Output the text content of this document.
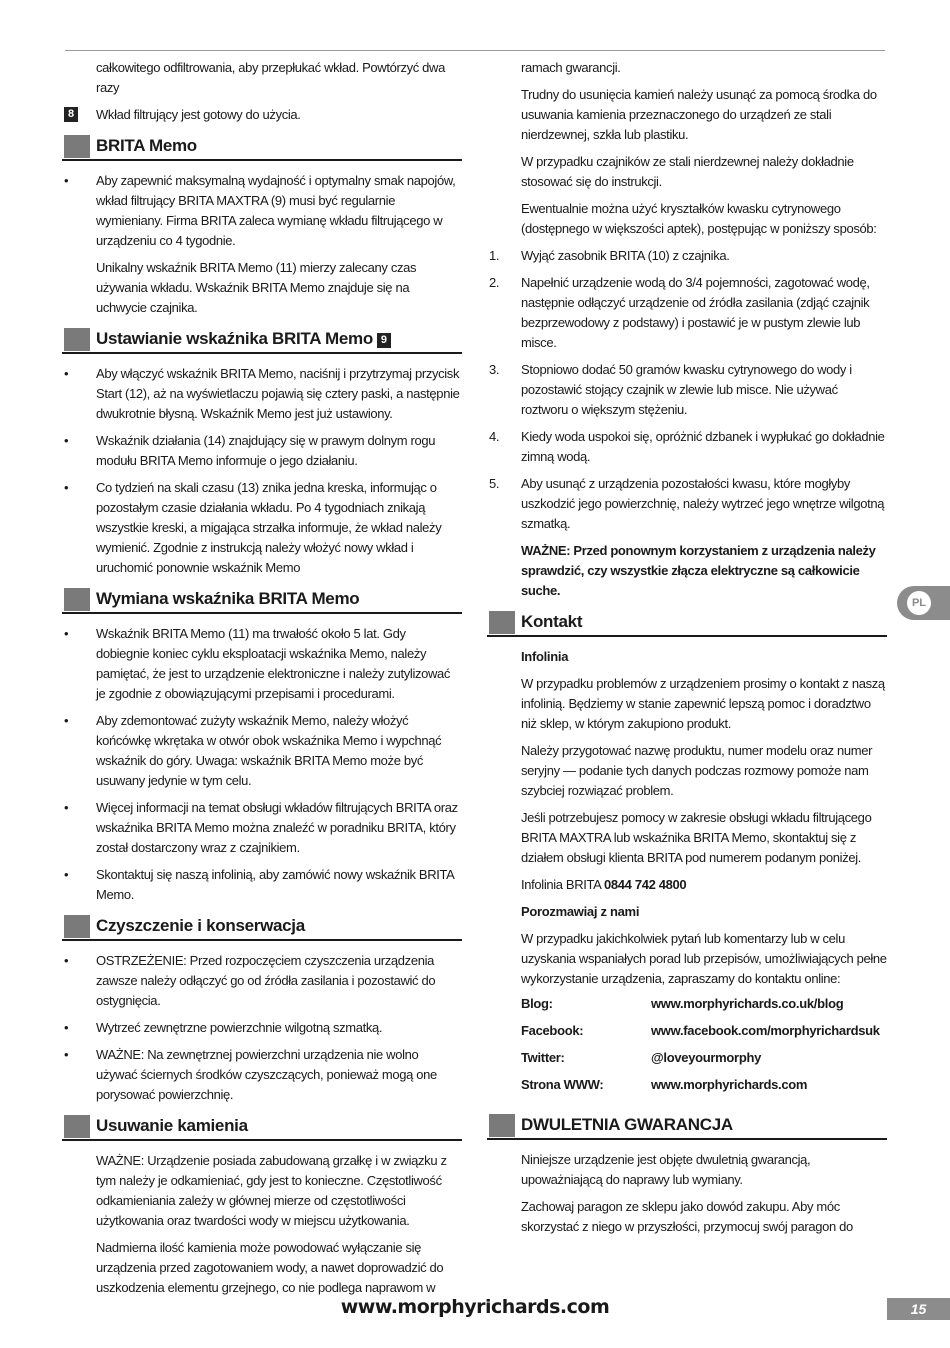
całkowitego odfiltrowania, aby przepłukać wkład. Powtórzyć dwa razy
8	Wkład filtrujący jest gotowy do użycia.
BRITA Memo
• Aby zapewnić maksymalną wydajność i optymalny smak napojów, wkład filtrujący BRITA MAXTRA (9) musi być regularnie wymieniany. Firma BRITA zaleca wymianę wkładu filtrującego w urządzeniu co 4 tygodnie.
Unikalny wskaźnik BRITA Memo (11) mierzy zalecany czas używania wkładu. Wskaźnik BRITA Memo znajduje się na uchwycie czajnika.
Ustawianie wskaźnika BRITA Memo 9
• Aby włączyć wskaźnik BRITA Memo, naciśnij i przytrzymaj przycisk Start (12), aż na wyświetlaczu pojawią się cztery paski, a następnie dwukrotnie błysną. Wskaźnik Memo jest już ustawiony.
• Wskaźnik działania (14) znajdujący się w prawym dolnym rogu modułu BRITA Memo informuje o jego działaniu.
• Co tydzień na skali czasu (13) znika jedna kreska, informując o pozostałym czasie działania wkładu. Po 4 tygodniach znikają wszystkie kreski, a migająca strzałka informuje, że wkład należy wymienić. Zgodnie z instrukcją należy włożyć nowy wkład i uruchomić ponownie wskaźnik Memo
Wymiana wskaźnika BRITA Memo
• Wskaźnik BRITA Memo (11) ma trwałość około 5 lat. Gdy dobiegnie koniec cyklu eksploatacji wskaźnika Memo, należy pamiętać, że jest to urządzenie elektroniczne i należy zutylizować je zgodnie z obowiązującymi przepisami i procedurami.
• Aby zdemontować zużyty wskaźnik Memo, należy włożyć końcówkę wkrętaka w otwór obok wskaźnika Memo i wypchnąć wskaźnik do góry. Uwaga: wskaźnik BRITA Memo może być usuwany jedynie w tym celu.
• Więcej informacji na temat obsługi wkładów filtrujących BRITA oraz wskaźnika BRITA Memo można znaleźć w poradniku BRITA, który został dostarczony wraz z czajnikiem.
• Skontaktuj się naszą infolinią, aby zamówić nowy wskaźnik BRITA Memo.
Czyszczenie i konserwacja
• OSTRZEŻENIE: Przed rozpoczęciem czyszczenia urządzenia zawsze należy odłączyć go od źródła zasilania i pozostawić do ostygnięcia.
• Wytrzeć zewnętrzne powierzchnie wilgotną szmatką.
• WAŻNE: Na zewnętrznej powierzchni urządzenia nie wolno używać ściernych środków czyszczących, ponieważ mogą one porysować powierzchnię.
Usuwanie kamienia
WAŻNE: Urządzenie posiada zabudowaną grzałkę i w związku z tym należy je odkamieniać, gdy jest to konieczne. Częstotliwość odkamieniania zależy w głównej mierze od częstotliwości użytkowania oraz twardości wody w miejscu użytkowania.
Nadmierna ilość kamienia może powodować wyłączanie się urządzenia przed zagotowaniem wody, a nawet doprowadzić do uszkodzenia elementu grzejnego, co nie podlega naprawom w
ramach gwarancji.
Trudny do usunięcia kamień należy usunąć za pomocą środka do usuwania kamienia przeznaczonego do urządzeń ze stali nierdzewnej, szkła lub plastiku.
W przypadku czajników ze stali nierdzewnej należy dokładnie stosować się do instrukcji.
Ewentualnie można użyć kryształków kwasku cytrynowego (dostępnego w większości aptek), postępując w poniższy sposób:
1. Wyjąć zasobnik BRITA (10) z czajnika.
2. Napełnić urządzenie wodą do 3/4 pojemności, zagotować wodę, następnie odłączyć urządzenie od źródła zasilania (zdjąć czajnik bezprzewodowy z podstawy) i postawić je w pustym zlewie lub misce.
3. Stopniowo dodać 50 gramów kwasku cytrynowego do wody i pozostawić stojący czajnik w zlewie lub misce. Nie używać roztworu o większym stężeniu.
4. Kiedy woda uspokoi się, opróżnić dzbanek i wypłukać go dokładnie zimną wodą.
5. Aby usunąć z urządzenia pozostałości kwasu, które mogłyby uszkodzić jego powierzchnię, należy wytrzeć jego wnętrze wilgotną szmatką.
WAŻNE: Przed ponownym korzystaniem z urządzenia należy sprawdzić, czy wszystkie złącza elektryczne są całkowicie suche.
Kontakt
Infolinia
W przypadku problemów z urządzeniem prosimy o kontakt z naszą infolinią. Będziemy w stanie zapewnić lepszą pomoc i doradztwo niż sklep, w którym zakupiono produkt.
Należy przygotować nazwę produktu, numer modelu oraz numer seryjny — podanie tych danych podczas rozmowy pomoże nam szybciej rozwiązać problem.
Jeśli potrzebujesz pomocy w zakresie obsługi wkładu filtrującego BRITA MAXTRA lub wskaźnika BRITA Memo, skontaktuj się z działem obsługi klienta BRITA pod numerem podanym poniżej.
Infolinia BRITA 0844 742 4800
Porozmawiaj z nami
W przypadku jakichkolwiek pytań lub komentarzy lub w celu uzyskania wspaniałych porad lub przepisów, umożliwiających pełne wykorzystanie urządzenia, zapraszamy do kontaktu online:
Blog:	www.morphyrichards.co.uk/blog
Facebook:	www.facebook.com/morphyrichardsuk
Twitter:	@loveyourmorphy
Strona WWW:	www.morphyrichards.com
DWULETNIA GWARANCJA
Niniejsze urządzenie jest objęte dwuletnią gwarancją, upoważniającą do naprawy lub wymiany.
Zachowaj paragon ze sklepu jako dowód zakupu. Aby móc skorzystać z niego w przyszłości, przymocuj swój paragon do
PL
www.morphyrichards.com	15
